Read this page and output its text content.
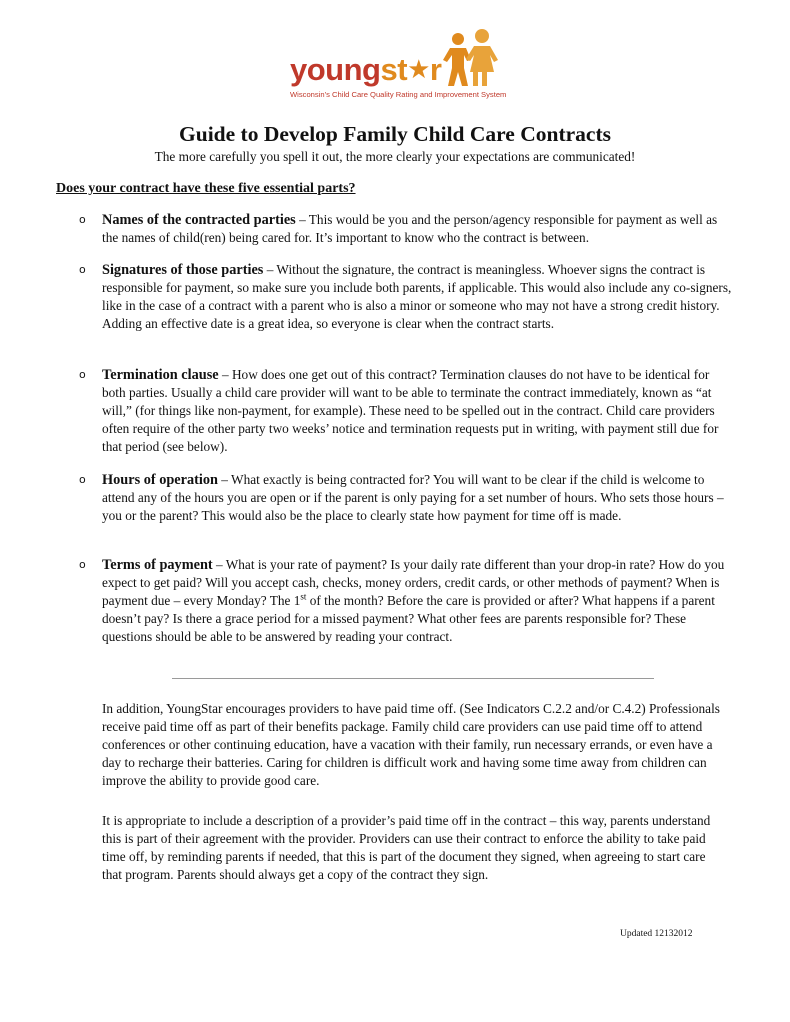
youngst★r
Wisconsin’s Child Care Quality Rating and Improvement System
Guide to Develop Family Child Care Contracts

The more carefully you spell it out, the more clearly your expectations are communicated!

Does your contract have these five essential parts?

o	Names of the contracted parties – This would be you and the person/agency responsible for payment as well as the names of child(ren) being cared for. It’s important to know who the contract is between.
o	Signatures of those parties – Without the signature, the contract is meaningless. Whoever signs the contract is responsible for payment, so make sure you include both parents, if applicable. This would also include any co-signers, like in the case of a contract with a parent who is also a minor or someone who may not have a strong credit history. Adding an effective date is a great idea, so everyone is clear when the contract starts.
o	Termination clause – How does one get out of this contract? Termination clauses do not have to be identical for both parties. Usually a child care provider will want to be able to terminate the contract immediately, known as “at will,” (for things like non-payment, for example). These need to be spelled out in the contract. Child care providers often require of the other party two weeks’ notice and termination requests put in writing, with payment still due for that period (see below).
o	Hours of operation – What exactly is being contracted for? You will want to be clear if the child is welcome to attend any of the hours you are open or if the parent is only paying for a set number of hours. Who sets those hours – you or the parent? This would also be the place to clearly state how payment for time off is made.
o	Terms of payment – What is your rate of payment? Is your daily rate different than your drop-in rate? How do you expect to get paid? Will you accept cash, checks, money orders, credit cards, or other methods of payment? When is payment due – every Monday? The 1st of the month? Before the care is provided or after? What happens if a parent doesn’t pay? Is there a grace period for a missed payment? What other fees are parents responsible for? These questions should be able to be answered by reading your contract.

In addition, YoungStar encourages providers to have paid time off. (See Indicators C.2.2 and/or C.4.2) Professionals receive paid time off as part of their benefits package. Family child care providers can use paid time off to attend conferences or other continuing education, have a vacation with their family, run necessary errands, or even have a day to recharge their batteries. Caring for children is difficult work and having some time away from children can improve the ability to provide good care.

It is appropriate to include a description of a provider’s paid time off in the contract – this way, parents understand this is part of their agreement with the provider. Providers can use their contract to enforce the ability to take paid time off, by reminding parents if needed, that this is part of the document they signed, when agreeing to start care that program. Parents should always get a copy of the contract they sign.

Updated 12132012
